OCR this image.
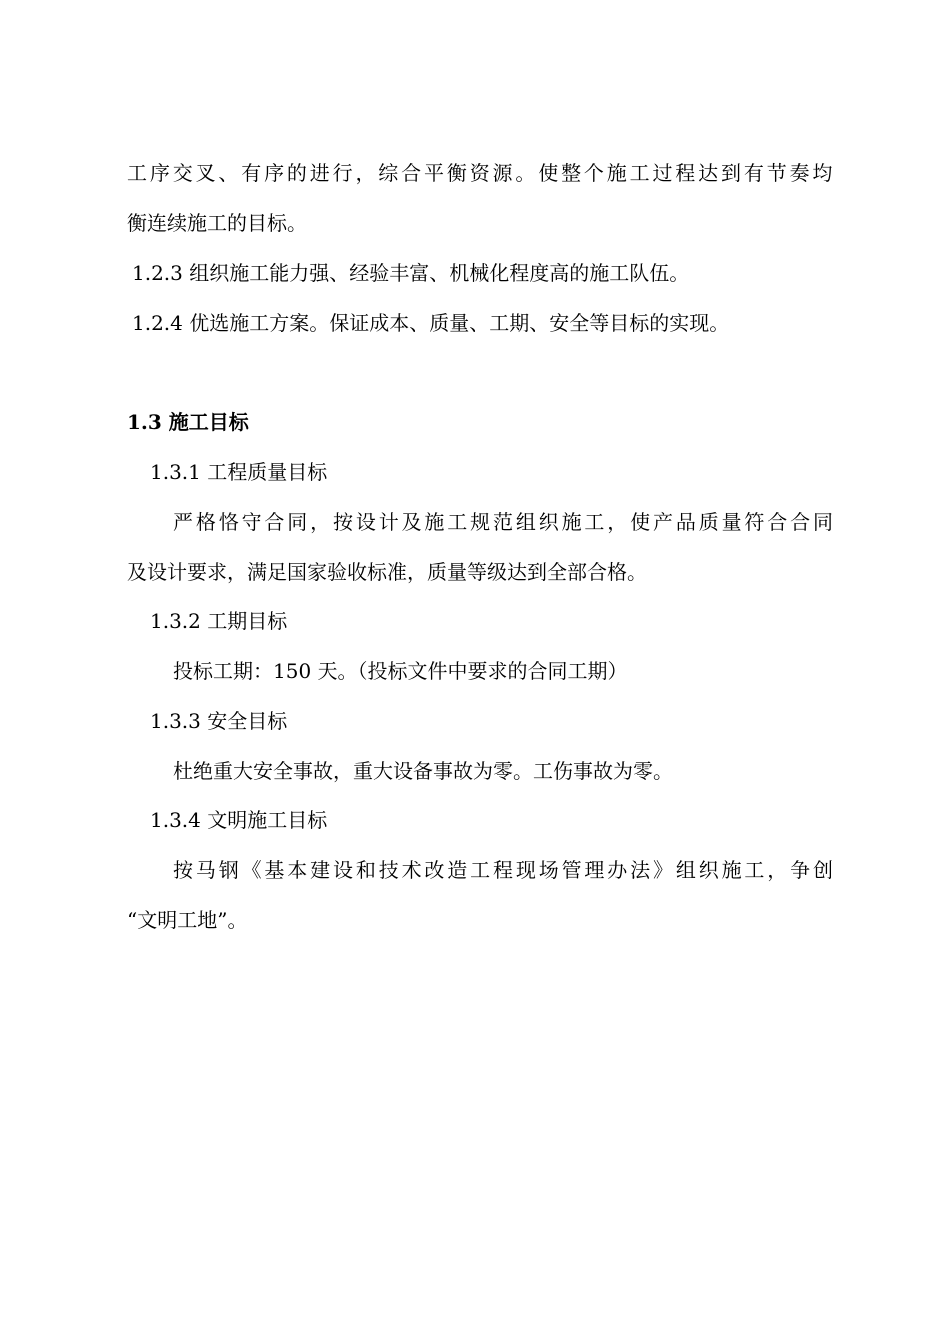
工序交叉、有序的进行，综合平衡资源。使整个施工过程达到有节奏均
衡连续施工的目标。
1.2.3 组织施工能力强、经验丰富、机械化程度高的施工队伍。
1.2.4 优选施工方案。保证成本、质量、工期、安全等目标的实现。
1.3 施工目标
1.3.1 工程质量目标
严格恪守合同，按设计及施工规范组织施工，使产品质量符合合同
及设计要求，满足国家验收标准，质量等级达到全部合格。
1.3.2 工期目标
投标工期：150 天。（投标文件中要求的合同工期）
1.3.3 安全目标
杜绝重大安全事故，重大设备事故为零。工伤事故为零。
1.3.4 文明施工目标
按马钢《基本建设和技术改造工程现场管理办法》组织施工，争创
“文明工地”。
